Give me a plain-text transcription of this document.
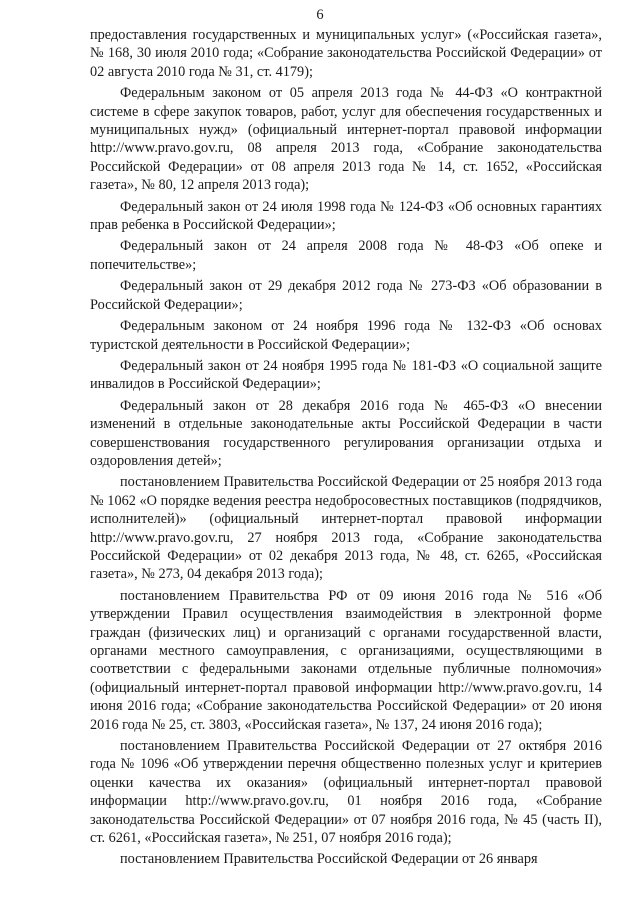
6

предоставления государственных и муниципальных услуг» («Российская газета», № 168, 30 июля 2010 года; «Собрание законодательства Российской Федерации» от 02 августа 2010 года № 31, ст. 4179);

Федеральным законом от 05 апреля 2013 года № 44-ФЗ «О контрактной системе в сфере закупок товаров, работ, услуг для обеспечения государственных и муниципальных нужд» (официальный интернет-портал правовой информации http://www.pravo.gov.ru, 08 апреля 2013 года, «Собрание законодательства Российской Федерации» от 08 апреля 2013 года № 14, ст. 1652, «Российская газета», № 80, 12 апреля 2013 года);

Федеральный закон от 24 июля 1998 года № 124-ФЗ «Об основных гарантиях прав ребенка в Российской Федерации»;

Федеральный закон от 24 апреля 2008 года № 48-ФЗ «Об опеке и попечительстве»;

Федеральный закон от 29 декабря 2012 года № 273-ФЗ «Об образовании в Российской Федерации»;

Федеральным законом от 24 ноября 1996 года № 132-ФЗ «Об основах туристской деятельности в Российской Федерации»;

Федеральный закон от 24 ноября 1995 года № 181-ФЗ «О социальной защите инвалидов в Российской Федерации»;

Федеральный закон от 28 декабря 2016 года № 465-ФЗ «О внесении изменений в отдельные законодательные акты Российской Федерации в части совершенствования государственного регулирования организации отдыха и оздоровления детей»;

постановлением Правительства Российской Федерации от 25 ноября 2013 года № 1062 «О порядке ведения реестра недобросовестных поставщиков (подрядчиков, исполнителей)» (официальный интернет-портал правовой информации http://www.pravo.gov.ru, 27 ноября 2013 года, «Собрание законодательства Российской Федерации» от 02 декабря 2013 года, № 48, ст. 6265, «Российская газета», № 273, 04 декабря 2013 года);

постановлением Правительства РФ от 09 июня 2016 года № 516 «Об утверждении Правил осуществления взаимодействия в электронной форме граждан (физических лиц) и организаций с органами государственной власти, органами местного самоуправления, с организациями, осуществляющими в соответствии с федеральными законами отдельные публичные полномочия» (официальный интернет-портал правовой информации http://www.pravo.gov.ru, 14 июня 2016 года; «Собрание законодательства Российской Федерации» от 20 июня 2016 года № 25, ст. 3803, «Российская газета», № 137, 24 июня 2016 года);

постановлением Правительства Российской Федерации от 27 октября 2016 года № 1096 «Об утверждении перечня общественно полезных услуг и критериев оценки качества их оказания» (официальный интернет-портал правовой информации http://www.pravo.gov.ru, 01 ноября 2016 года, «Собрание законодательства Российской Федерации» от 07 ноября 2016 года, № 45 (часть II), ст. 6261, «Российская газета», № 251, 07 ноября 2016 года);

постановлением Правительства Российской Федерации от 26 января
